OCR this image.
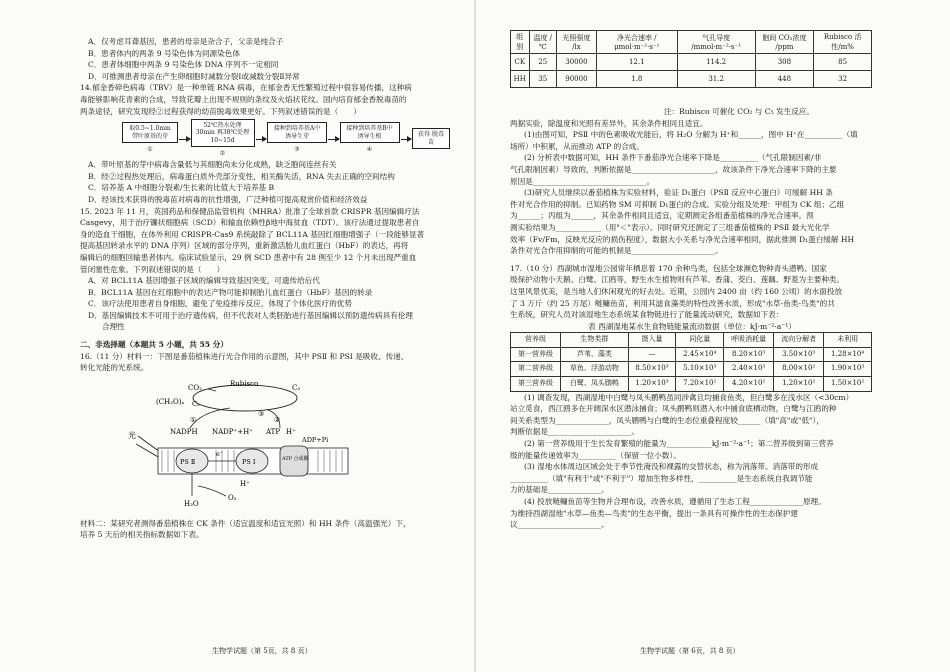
A．仅考虑耳聋基因，患者的母亲是杂合子，父亲是纯合子

B．患者体内的两条 9 号染色体为同源染色体

C．患者体细胞中两条 9 号染色体 DNA 序列不一定相同

D．可推测患者母亲在产生卵细胞时减数分裂Ⅰ或减数分裂Ⅱ异常

14.郁金香碎色病毒（TBV）是一种单链 RNA 病毒，在郁金香无性繁殖过程中很容易传播，这种病

毒能够影响花青素的合成，导致花瓣上出现不规则的条纹及火焰状花纹。国内培育郁金香脱毒苗的

两条途径，研究发现经②过程获得的幼苗脱毒效果更好。下列叙述错误的是（　　）

取0.5~1.0mm 带叶原基的芽
①
52℃热水处理30min 再38℃处理10~15d
②
接种到培养基A中 诱导生芽
③
接种到培养基B中 诱导生根
④
获得 脱毒苗

A．带叶原基的芽中病毒含量低与其细胞尚未分化成熟，缺乏胞间连丝有关

B．经②过程热处理后，病毒蛋白质外壳部分变性，相关酶失活，RNA 失去正确的空间结构

C．培养基 A 中细胞分裂素/生长素的比值大于培养基 B

D．经该技术获得的脱毒苗对病毒的抗性增强，广泛种植可提高观赏价值和经济效益

15. 2023 年 11 月，英国药品和保健品监管机构（MHRA）批准了全球首款 CRISPR 基因编辑疗法

Casgevy，用于治疗镰状细胞病（SCD）和输血依赖性β地中海贫血（TDT）。该疗法通过提取患者自

身的造血干细胞，在体外利用 CRISPR-Cas9 系统敲除了 BCL11A 基因红细胞增强子（一段能够显著

提高基因转录水平的 DNA 序列）区域的部分序列，重新激活胎儿血红蛋白（HbF）的表达，再将

编辑后的细胞回输患者体内。临床试验显示，29 例 SCD 患者中有 28 例至少 12 个月未出现严重血

管闭塞性危象。下列叙述错误的是（　　）

A．对 BCL11A 基因增强子区域的编辑导致基因突变，可遗传给后代

B．BCL11A 基因在红细胞中的表达产物可能抑制胎儿血红蛋白（HbF）基因的转录

C．该疗法使用患者自身细胞，避免了免疫排斥反应，体现了个体化医疗的优势

D．基因编辑技术不可用于治疗遗传病，但不代表对人类胚胎进行基因编辑以预防遗传病具有伦理

合理性

二、非选择题（本题共 5 小题，共 55 分）

16.（11 分）材料一：下图是番茄植株进行光合作用的示意图，其中 PSⅡ 和 PSⅠ 是吸收、传递、

转化光能的光系统。

Rubisco
CO₂	C₃
C₅
(CH₂O)ₙ
③
光	NADPH NADP⁺+H⁺ ATP H⁺
ADP+Pi
①	②
PS Ⅱ	PS Ⅰ	ATP 合成酶
e⁻
H⁺
H₂O
O₂

材料二：某研究者测得番茄植株在 CK 条件（适宜温度和适宜光照）和 HH 条件（高温强光）下，

培养 5 天后的相关指标数据如下表。

生物学试题（第 5页，共 8 页）
组别	温度 /℃	光照强度 /lx	净光合速率 /μmol·m⁻²·s⁻¹	气孔导度 /mmol·m⁻²·s⁻¹	胞间 CO₂浓度 /ppm	Rubisco 活性/m%
CK	25	30000	12.1	114.2	308	85
HH	35	90000	1.8	31.2	448	32

注：Rubisco 可催化 CO₂ 与 C₅ 发生反应。

两据实验，除温度和光照有差异外，其余条件相同且适宜。

(1)由图可知，PSⅡ 中的色素吸收光能后，将 H₂O 分解为 H⁺和______，图中 H⁺在__________（填

场所）中积累，从而推动 ATP 的合成。

(2) 分析表中数据可知，HH 条件下番茄净光合速率下降是__________（气孔限制因素/非

气孔限制因素）导致的，判断依据是______________________，故该条件下净光合速率下降的主要

原因是______________________________。

(3)研究人员继续以番茄植株为实验材料，验证 D₁蛋白（PSⅡ 反应中心蛋白）可缓解 HH 条

件对光合作用的抑制。已知药物 SM 可抑制 D₁蛋白的合成。实验分组及处理：甲组为 CK 组；乙组

为______；丙组为______，其余条件相同且适宜，定期测定各组番茄植株的净光合速率。预

测实验结果为____________（用"＜"表示）。同时研究还测定了三组番茄植株的 PSⅡ 最大光化学

效率（Fv/Fm，反映光反应的损伤程度），数据大小关系与净光合速率相同，据此推测 D₁蛋白缓解 HH

条件对光合作用抑制的可能的机制是______________________。

17.（10 分）西湖城市湿地公园常年栖息着 170 余种鸟类，包括全球濒危物种青头潜鸭、国家

级保护动物小天鹅、白鹭、江鸥等，野生水生植物则有芦苇、香蒲、茭白、莲藕、野菱为主要种类。

这里风景优美，是当地人们休闲观光的好去处。近期，公园内 2400 亩（约 160 公顷）的水面投放

了 3 万斤（约 25 万尾）鲢鳙鱼苗，利用其滤食藻类的特性改善水质，形成"水草-鱼类-鸟类"的共

生系统，研究人员对该湿地生态系统某食物链进行了能量流动研究，数据如下表：

表 西湖湿地某水生食物链能量流动数据（单位：kJ·m⁻²·a⁻¹）

营养级	生物类群	摄入量	同化量	呼吸消耗量	流向分解者	未利用
第一营养级	芦苇、藻类	—	2.45×10⁴	8.20×10³	3.50×10³	1.28×10⁴
第二营养级	草鱼、浮游动物	8.50×10³	5.10×10³	2.40×10³	8.00×10²	1.90×10³
第三营养级	白鹭、凤头鹛鸭	1.20×10³	7.20×10²	4.20×10²	1.20×10²	1.50×10²

(1) 调查发现，西湖湿地中白鹭与凤头鹛鸭虽同涉禽且均捕食鱼类，但白鹭多在浅水区（<30cm）

站立觅食，西江鸥多在开阔深水区潜泳捕食；凤头鹛鸭则潜入水中捕食底栖动物，白鹭与江鸥的种

间关系类型为______________，凤头鹛鸭与白鹭的生态位重叠程度较______（填"高"或"低"），

判断依据是______________________。

(2) 第一营养级用于生长发育繁殖的能量为____________kJ·m⁻²·a⁻¹；第二营养级到第三营养

级的能量传递效率为__________（保留一位小数）。

(3) 湿地水体周边区域会处于季节性淹没和裸露的交替状态，称为消落带。消落带的形成

__________（填"有利于"或"不利于"）增加生物多样性，__________是生态系统自我调节能

力的基础是______________。

(4) 投放鲢鳙鱼苗等生物并合理布设，改善水质，遵循用了生态工程______________原理。

为维持西湖湿地"水草—鱼类—鸟类"的生态平衡，提出一条具有可操作性的生态保护建

议______________________。

生物学试题（第 6页，共 8 页）
